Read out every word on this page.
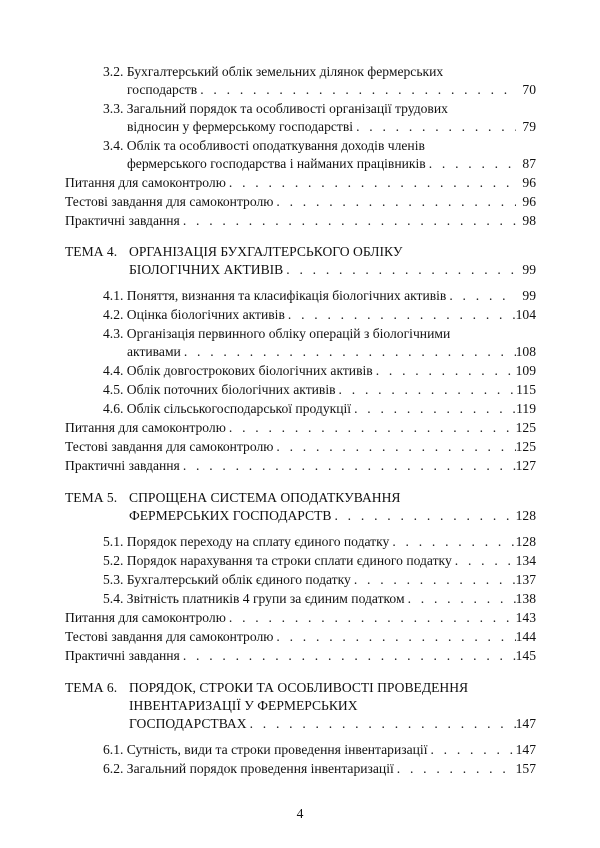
3.2. Бухгалтерський облік земельних ділянок фермерських
господарств . . .	70
3.3. Загальний порядок та особливості організації трудових
відносин у фермерському господарстві . . .	79
3.4. Облік та особливості оподаткування доходів членів
фермерського господарства і найманих працівників . . .	87
Питання для самоконтролю . . .	96
Тестові завдання для самоконтролю . . .	96
Практичні завдання . . .	98
ТЕМА 4. ОРГАНІЗАЦІЯ БУХГАЛТЕРСЬКОГО ОБЛІКУ
БІОЛОГІЧНИХ АКТИВІВ . . .	99
4.1. Поняття, визнання та класифікація біологічних активів . . .	99
4.2. Оцінка біологічних активів . . .	104
4.3. Організація первинного обліку операцій з біологічними
активами . . .	108
4.4. Облік довгострокових біологічних активів . . .	109
4.5. Облік поточних біологічних активів . . .	115
4.6. Облік сільськогосподарської продукції . . .	119
Питання для самоконтролю . . .	125
Тестові завдання для самоконтролю . . .	125
Практичні завдання . . .	127
ТЕМА 5. СПРОЩЕНА СИСТЕМА ОПОДАТКУВАННЯ
ФЕРМЕРСЬКИХ ГОСПОДАРСТВ . . .	128
5.1. Порядок переходу на сплату єдиного податку . . .	128
5.2. Порядок нарахування та строки сплати єдиного податку . . .	134
5.3. Бухгалтерський облік єдиного податку . . .	137
5.4. Звітність платників 4 групи за єдиним податком . . .	138
Питання для самоконтролю . . .	143
Тестові завдання для самоконтролю . . .	144
Практичні завдання . . .	145
ТЕМА 6. ПОРЯДОК, СТРОКИ ТА ОСОБЛИВОСТІ ПРОВЕДЕННЯ
ІНВЕНТАРИЗАЦІЇ У ФЕРМЕРСЬКИХ
ГОСПОДАРСТВАХ . . .	147
6.1. Сутність, види та строки проведення інвентаризації . . .	147
6.2. Загальний порядок проведення інвентаризації . . .	157
4
